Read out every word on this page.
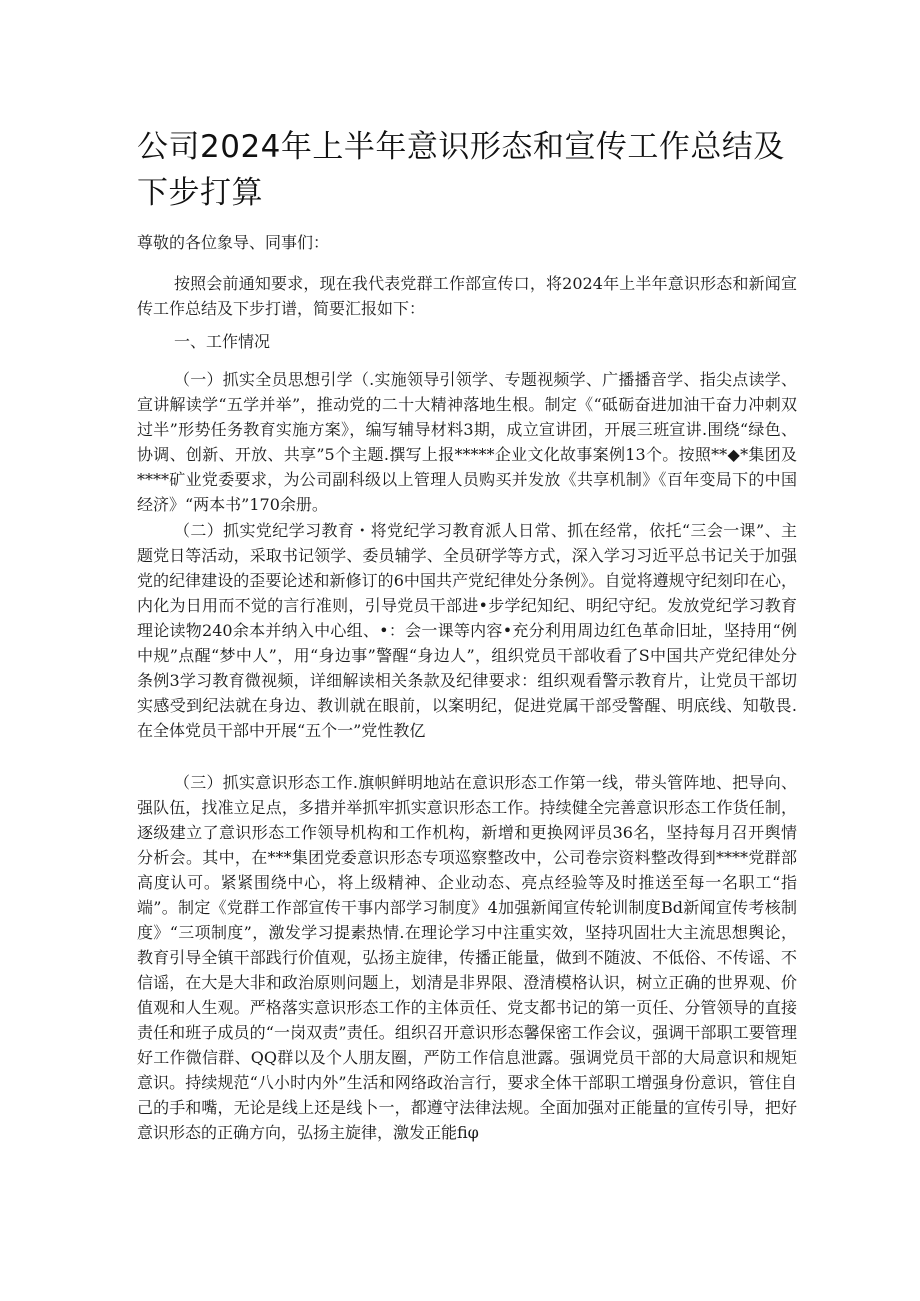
公司2024年上半年意识形态和宣传工作总结及下步打算

尊敬的各位象导、同事们：

按照会前通知要求，现在我代表党群工作部宣传口，将2024年上半年意识形态和新闻宣传工作总结及下步打谱，简要汇报如下：

一、工作情况

（一）抓实全员思想引学（.实施领导引领学、专题视频学、广播播音学、指尖点读学、宣讲解读学“五学并举”，推动党的二十大精神落地生根。制定《“砥砺奋进加油干奋力冲刺双过半”形势任务教育实施方案》，编写辅导材料3期，成立宣讲团，开展三班宣讲.围绕“绿色、协调、创新、开放、共享”5个主题.撰写上报*****企业文化故事案例13个。按照**◆*集团及****矿业党委要求，为公司副科级以上管理人员购买并发放《共享机制》《百年变局下的中国经济》“两本书”170余册。

（二）抓实党纪学习教育・将党纪学习教育派人日常、抓在经常，依托“三会一课”、主题党日等活动，采取书记领学、委员辅学、全员研学等方式，深入学习习近平总书记关于加强党的纪律建设的歪要论述和新修订的6中国共产党纪律处分条例》。自觉将遵规守纪刻印在心，内化为日用而不觉的言行准则，引导党员干部进•步学纪知纪、明纪守纪。发放党纪学习教育理论读物240余本并纳入中心组、•：会一课等内容•充分利用周边红色革命旧址，坚持用“例中规”点醒“梦中人”，用“身边事”警醒“身边人”，组织党员干部收看了S中国共产党纪律处分条例3学习教育微视频，详细解读相关条款及纪律要求：组织观看警示教育片，让党员干部切实感受到纪法就在身边、教训就在眼前，以案明纪，促进党属干部受警醒、明底线、知敬畏.在全体党员干部中开展“五个一”党性教亿

（三）抓实意识形态工作.旗帜鲜明地站在意识形态工作第一线，带头管阵地、把导向、强队伍，找准立足点，多措并举抓牢抓实意识形态工作。持续健全完善意识形态工作货任制，逐级建立了意识形态工作领导机构和工作机构，新增和更换网评员36名，坚持每月召开舆情分析会。其中，在***集团党委意识形态专项巡察整改中，公司卷宗资料整改得到****党群部高度认可。紧紧围绕中心，将上级精神、企业动态、亮点经验等及时推送至每一名职工“指端”。制定《党群工作部宣传干事内部学习制度》4加强新闻宣传轮训制度Bd新闻宣传考核制度》“三项制度”，激发学习提素热情.在理论学习中注重实效，坚持巩固壮大主流思想舆论，教育引导全镇干部践行价值观，弘扬主旋律，传播正能量，做到不随波、不低俗、不传谣、不信谣，在大是大非和政治原则问题上，划清是非界限、澄清模格认识，树立正确的世界观、价值观和人生观。严格落实意识形态工作的主体贡任、党支都书记的第一页任、分管领导的直接责任和班子成员的“一岗双责”责任。组织召开意识形态馨保密工作会议，强调干部职工要管理好工作微信群、QQ群以及个人朋友圈，严防工作信息泄露。强调党员干部的大局意识和规矩意识。持续规范“八小时内外”生活和网络政治言行，要求全体干部职工增强身份意识，管住自己的手和嘴，无论是线上还是线卜一，都遵守法律法规。全面加强对正能量的宣传引导，把好意识形态的正确方向，弘扬主旋律，激发正能fiφ
